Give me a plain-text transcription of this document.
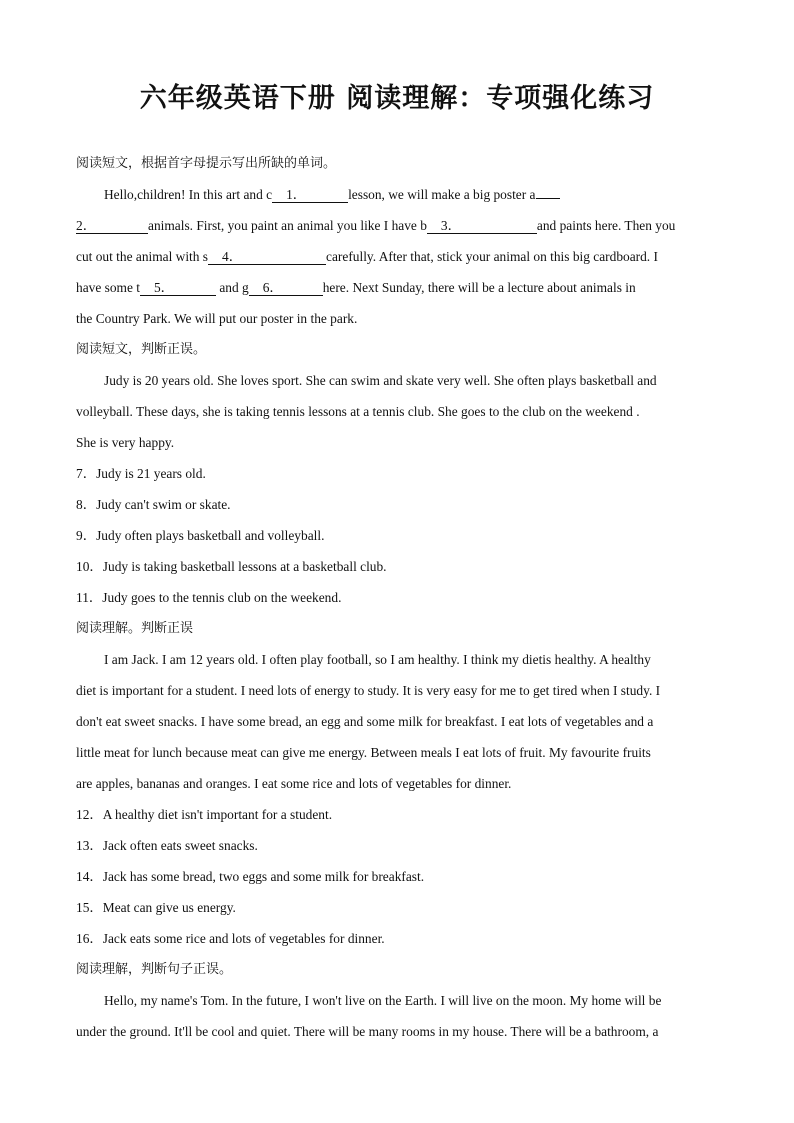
六年级英语下册 阅读理解：专项强化练习
阅读短文，根据首字母提示写出所缺的单词。
Hello,children! In this art and c 1．	lesson, we will make a big poster a
2．	animals. First, you paint an animal you like I have b 3．	and paints here. Then you
cut out the animal with s 4．	carefully. After that, stick your animal on this big cardboard. I
have some t 5．	and g 6．	here. Next Sunday, there will be a lecture about animals in
the Country Park. We will put our poster in the park.
阅读短文，判断正误。
Judy is 20 years old. She loves sport. She can swim and skate very well. She often plays basketball and
volleyball. These days, she is taking tennis lessons at a tennis club. She goes to the club on the weekend .
She is very happy.
7．Judy is 21 years old.
8．Judy can't swim or skate.
9．Judy often plays basketball and volleyball.
10．Judy is taking basketball lessons at a basketball club.
11．Judy goes to the tennis club on the weekend.
阅读理解。判断正误
I am Jack. I am 12 years old. I often play football, so I am healthy. I think my dietis healthy. A healthy
diet is important for a student. I need lots of energy to study. It is very easy for me to get tired when I study. I
don't eat sweet snacks. I have some bread, an egg and some milk for breakfast. I eat lots of vegetables and a
little meat for lunch because meat can give me energy. Between meals I eat lots of fruit. My favourite fruits
are apples, bananas and oranges. I eat some rice and lots of vegetables for dinner.
12．A healthy diet isn't important for a student.
13．Jack often eats sweet snacks.
14．Jack has some bread, two eggs and some milk for breakfast.
15．Meat can give us energy.
16．Jack eats some rice and lots of vegetables for dinner.
阅读理解，判断句子正误。
Hello, my name's Tom. In the future, I won't live on the Earth. I will live on the moon. My home will be
under the ground. It'll be cool and quiet. There will be many rooms in my house. There will be a bathroom, a
